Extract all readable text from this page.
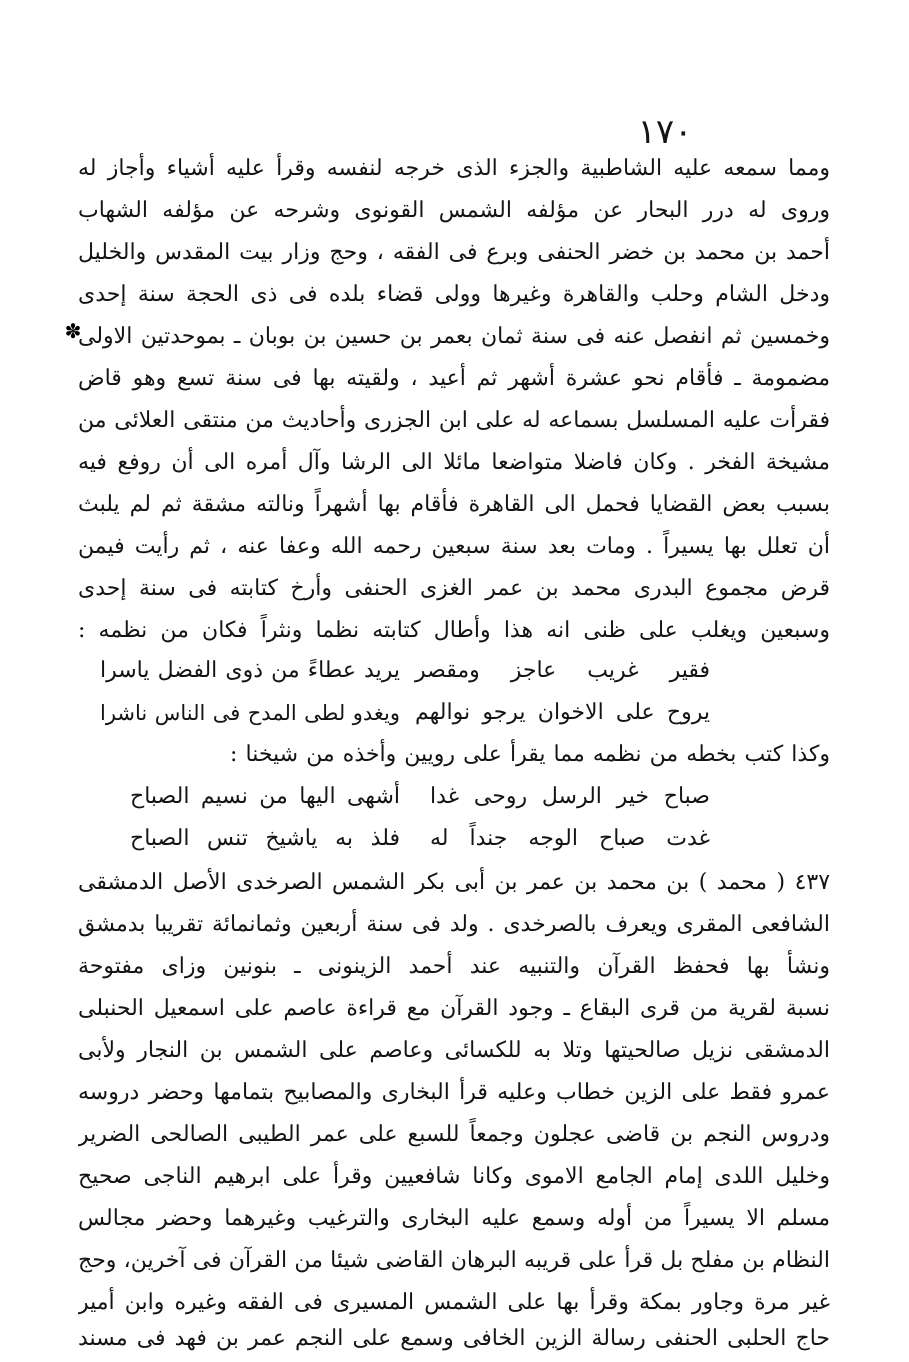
١٧٠
✽
ومما سمعه عليه الشاطبية والجزء الذى خرجه لنفسه وقرأ عليه أشياء وأجاز له
وروى له درر البحار عن مؤلفه الشمس القونوى وشرحه عن مؤلفه الشهاب
أحمد بن محمد بن خضر الحنفى وبرع فى الفقه ، وحج وزار بيت المقدس والخليل
ودخل الشام وحلب والقاهرة وغيرها وولى قضاء بلده فى ذى الحجة سنة إحدى
وخمسين ثم انفصل عنه فى سنة ثمان بعمر بن حسين بن بوبان ـ بموحدتين الاولى
مضمومة ـ فأقام نحو عشرة أشهر ثم أعيد ، ولقيته بها فى سنة تسع وهو قاض
فقرأت عليه المسلسل بسماعه له على ابن الجزرى وأحاديث من منتقى العلائى من
مشيخة الفخر . وكان فاضلا متواضعا مائلا الى الرشا وآل أمره الى أن روفع فيه
بسبب بعض القضايا فحمل الى القاهرة فأقام بها أشهراً ونالته مشقة ثم لم يلبث
أن تعلل بها يسيراً . ومات بعد سنة سبعين رحمه الله وعفا عنه ، ثم رأيت فيمن
قرض مجموع البدرى محمد بن عمر الغزى الحنفى وأرخ كتابته فى سنة إحدى
وسبعين ويغلب على ظنى انه هذا وأطال كتابته نظما ونثراً فكان من نظمه :
فقير غريب عاجز ومقصر
يريد عطاءً من ذوى الفضل ياسرا
يروح على الاخوان يرجو نوالهم
ويغدو لطى المدح فى الناس ناشرا
وكذا كتب بخطه من نظمه مما يقرأ على رويين وأخذه من شيخنا :
صباح خير الرسل روحى غدا
أشهى اليها من نسيم الصباح
غدت صباح الوجه جنداً له
فلذ به ياشيخ تنس الصباح
٤٣٧ ( محمد ) بن محمد بن عمر بن أبى بكر الشمس الصرخدى الأصل الدمشقى
الشافعى المقرى ويعرف بالصرخدى . ولد فى سنة أربعين وثمانمائة تقريبا بدمشق
ونشأ بها فحفظ القرآن والتنبيه عند أحمد الزينونى ـ بنونين وزاى مفتوحة
نسبة لقرية من قرى البقاع ـ وجود القرآن مع قراءة عاصم على اسمعيل الحنبلى
الدمشقى نزيل صالحيتها وتلا به للكسائى وعاصم على الشمس بن النجار ولأبى
عمرو فقط على الزين خطاب وعليه قرأ البخارى والمصابيح بتمامها وحضر دروسه
ودروس النجم بن قاضى عجلون وجمعاً للسبع على عمر الطيبى الصالحى الضرير
وخليل اللدى إمام الجامع الاموى وكانا شافعيين وقرأ على ابرهيم الناجى صحيح
مسلم الا يسيراً من أوله وسمع عليه البخارى والترغيب وغيرهما وحضر مجالس
النظام بن مفلح بل قرأ على قريبه البرهان القاضى شيئا من القرآن فى آخرين، وحج
غير مرة وجاور بمكة وقرأ بها على الشمس المسيرى فى الفقه وغيره وابن أمير
حاج الحلبى الحنفى رسالة الزين الخافى وسمع على النجم عمر بن فهد فى مسند
